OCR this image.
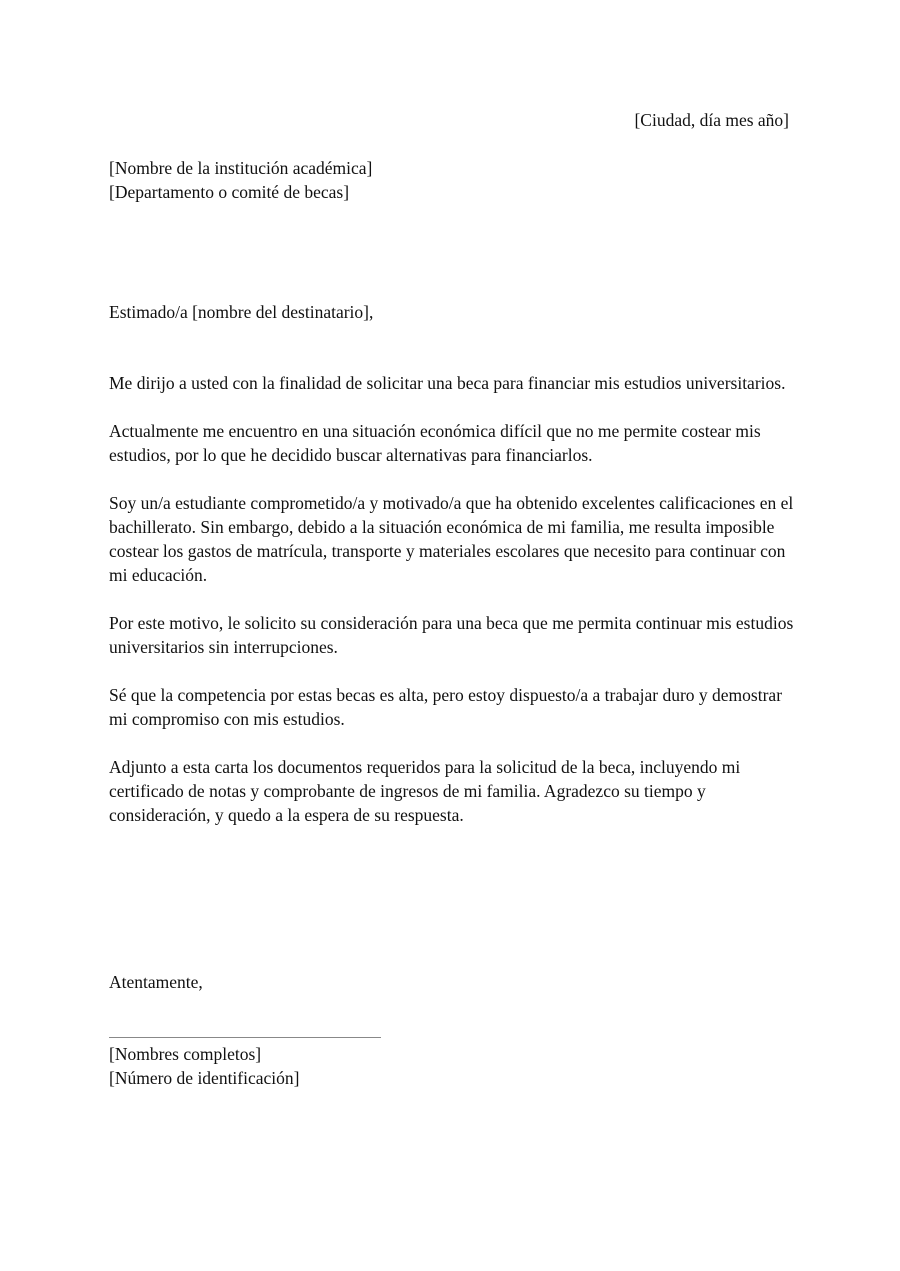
[Ciudad, día mes año]
[Nombre de la institución académica]
[Departamento o comité de becas]
Estimado/a [nombre del destinatario],

Me dirijo a usted con la finalidad de solicitar una beca para financiar mis estudios universitarios.

Actualmente me encuentro en una situación económica difícil que no me permite costear mis estudios, por lo que he decidido buscar alternativas para financiarlos.

Soy un/a estudiante comprometido/a y motivado/a que ha obtenido excelentes calificaciones en el bachillerato. Sin embargo, debido a la situación económica de mi familia, me resulta imposible costear los gastos de matrícula, transporte y materiales escolares que necesito para continuar con mi educación.

Por este motivo, le solicito su consideración para una beca que me permita continuar mis estudios universitarios sin interrupciones.

Sé que la competencia por estas becas es alta, pero estoy dispuesto/a a trabajar duro y demostrar mi compromiso con mis estudios.

Adjunto a esta carta los documentos requeridos para la solicitud de la beca, incluyendo mi certificado de notas y comprobante de ingresos de mi familia. Agradezco su tiempo y consideración, y quedo a la espera de su respuesta.

Atentamente,
[Nombres completos]
[Número de identificación]
